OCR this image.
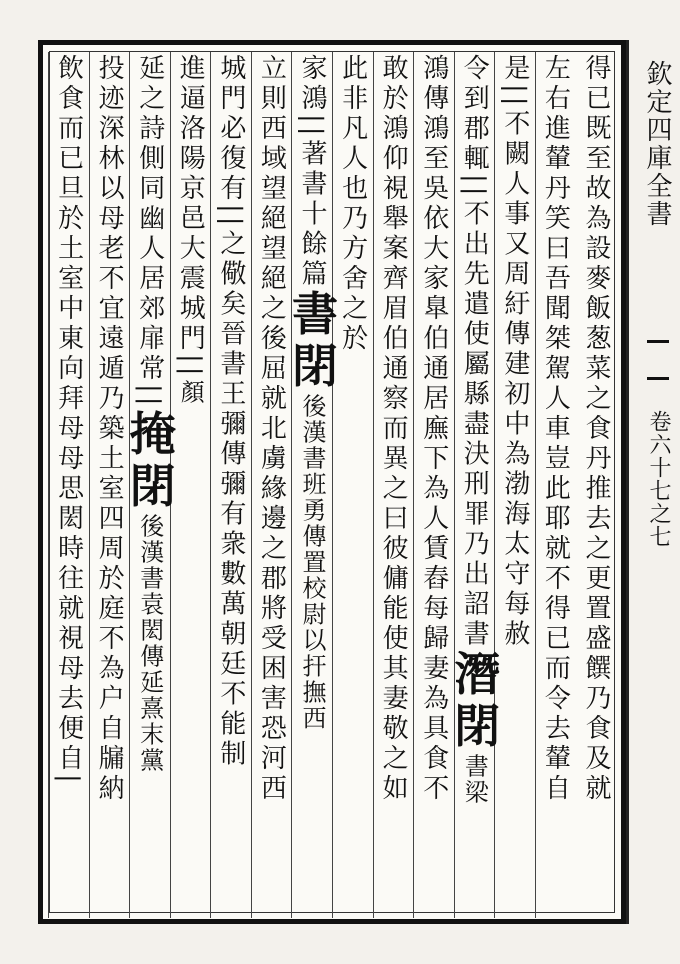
欽定四庫全書
卷六十七之七
得已既至故為設麥飯葱菜之食丹推去之更置盛饌乃食及就
左右進輦丹笑曰吾聞桀駕人車豈此耶就不得已而令去輦自
是||不闕人事又周紆傳建初中為渤海太守每赦
令到郡輒||不出先遣使屬縣盡決刑罪乃出詔書潛閉書梁
鴻傳鴻至吳依大家臯伯通居廡下為人賃舂每歸妻為具食不
敢於鴻仰視舉案齊眉伯通察而異之曰彼傭能使其妻敬之如
此非凡人也乃方舍之於
家鴻||著書十餘篇書閉後漢書班勇傳置校尉以扞撫西
立則西域望絕望絕之後屈就北虜緣邊之郡將受困害恐河西
城門必復有||之儆矣晉書王彌傳彌有衆數萬朝廷不能制
進逼洛陽京邑大震城門||顏
延之詩側同幽人居郊扉常||掩閉後漢書袁閎傳延熹末黨
投迹深林以母老不宜遠遁乃築土室四周於庭不為户自牖納
飲食而已旦於土室中東向拜母母思閎時往就視母去便自|
